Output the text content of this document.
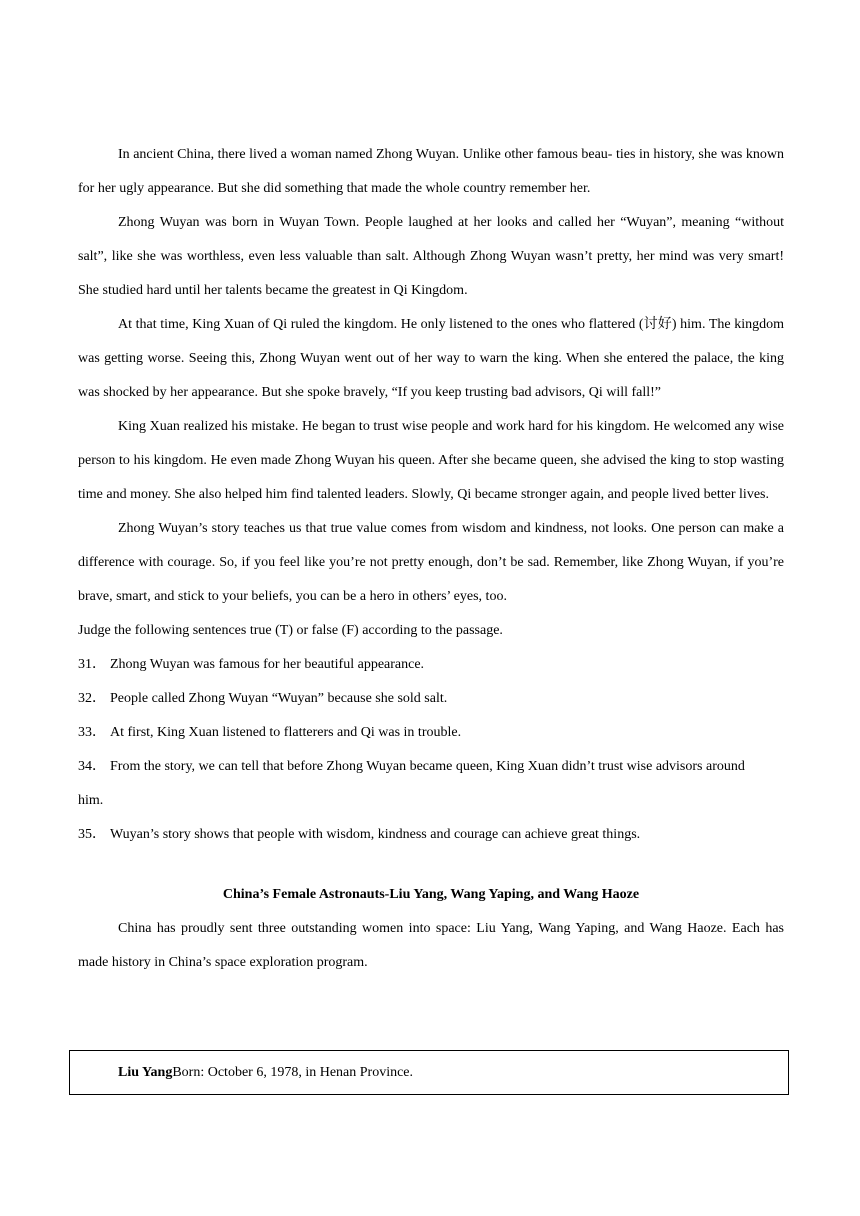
In ancient China, there lived a woman named Zhong Wuyan. Unlike other famous beau- ties in history, she was known for her ugly appearance. But she did something that made the whole country remember her.

Zhong Wuyan was born in Wuyan Town. People laughed at her looks and called her “Wuyan”, meaning “without salt”, like she was worthless, even less valuable than salt. Although Zhong Wuyan wasn’t pretty, her mind was very smart! She studied hard until her talents became the greatest in Qi Kingdom.

At that time, King Xuan of Qi ruled the kingdom. He only listened to the ones who flattered (讨好) him. The kingdom was getting worse. Seeing this, Zhong Wuyan went out of her way to warn the king. When she entered the palace, the king was shocked by her appearance. But she spoke bravely, “If you keep trusting bad advisors, Qi will fall!”

King Xuan realized his mistake. He began to trust wise people and work hard for his kingdom. He welcomed any wise person to his kingdom. He even made Zhong Wuyan his queen. After she became queen, she advised the king to stop wasting time and money. She also helped him find talented leaders. Slowly, Qi became stronger again, and people lived better lives.

Zhong Wuyan’s story teaches us that true value comes from wisdom and kindness, not looks. One person can make a difference with courage. So, if you feel like you’re not pretty enough, don’t be sad. Remember, like Zhong Wuyan, if you’re brave, smart, and stick to your beliefs, you can be a hero in others’ eyes, too.

Judge the following sentences true (T) or false (F) according to the passage.

31． Zhong Wuyan was famous for her beautiful appearance.

32． People called Zhong Wuyan “Wuyan” because she sold salt.

33． At first, King Xuan listened to flatterers and Qi was in trouble.

34． From the story, we can tell that before Zhong Wuyan became queen, King Xuan didn’t trust wise advisors around him.

35． Wuyan’s story shows that people with wisdom, kindness and courage can achieve great things.

China’s Female Astronauts-Liu Yang, Wang Yaping, and Wang Haoze

China has proudly sent three outstanding women into space: Liu Yang, Wang Yaping, and Wang Haoze. Each has made history in China’s space exploration program.

Liu YangBorn: October 6, 1978, in Henan Province.
